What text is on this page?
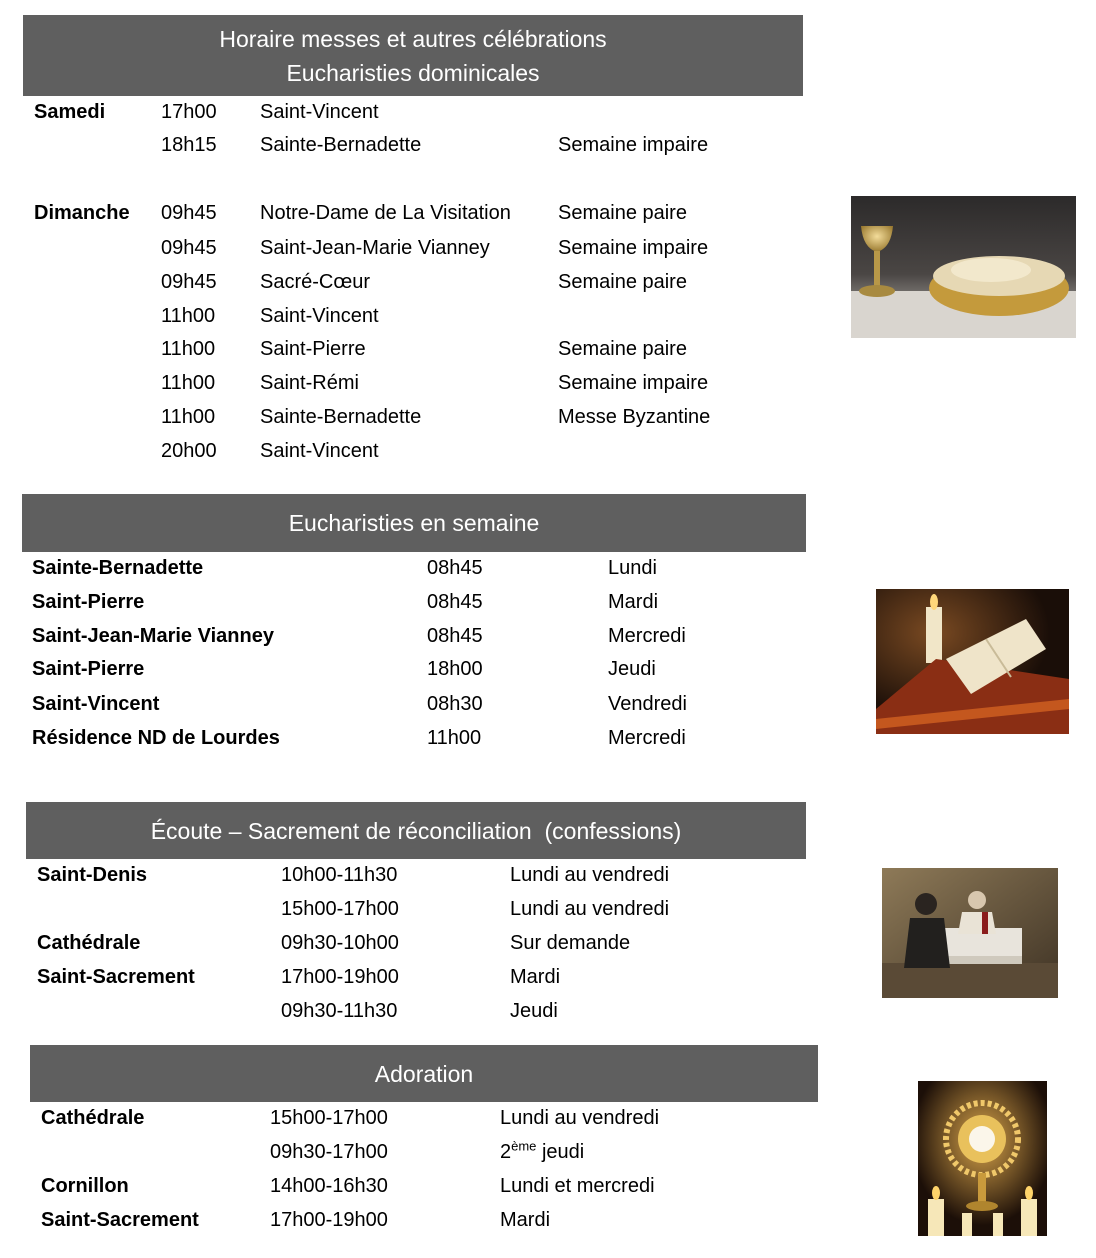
Horaire messes et autres célébrations
Eucharisties dominicales
Samedi	17h00 Saint-Vincent
18h15 Sainte-Bernadette	Semaine impaire
Dimanche 09h45 Notre-Dame de La Visitation Semaine paire
09h45 Saint-Jean-Marie Vianney	Semaine impaire
09h45 Sacré-Cœur	Semaine paire
11h00 Saint-Vincent
11h00 Saint-Pierre	Semaine paire
11h00 Saint-Rémi	Semaine impaire
11h00 Sainte-Bernadette	Messe Byzantine
20h00 Saint-Vincent
Eucharisties en semaine
Sainte-Bernadette	08h45	Lundi
Saint-Pierre	08h45	Mardi
Saint-Jean-Marie Vianney	08h45	Mercredi
Saint-Pierre	18h00	Jeudi
Saint-Vincent	08h30	Vendredi
Résidence ND de Lourdes	11h00	Mercredi
Écoute – Sacrement de réconciliation  (confessions)
Saint-Denis	10h00-11h30	Lundi au vendredi
15h00-17h00	Lundi au vendredi
Cathédrale	09h30-10h00	Sur demande
Saint-Sacrement	17h00-19h00	Mardi
09h30-11h30	Jeudi
Adoration
Cathédrale	15h00-17h00	Lundi au vendredi
09h30-17h00	2ème jeudi
Cornillon	14h00-16h30	Lundi et mercredi
Saint-Sacrement	17h00-19h00	Mardi
